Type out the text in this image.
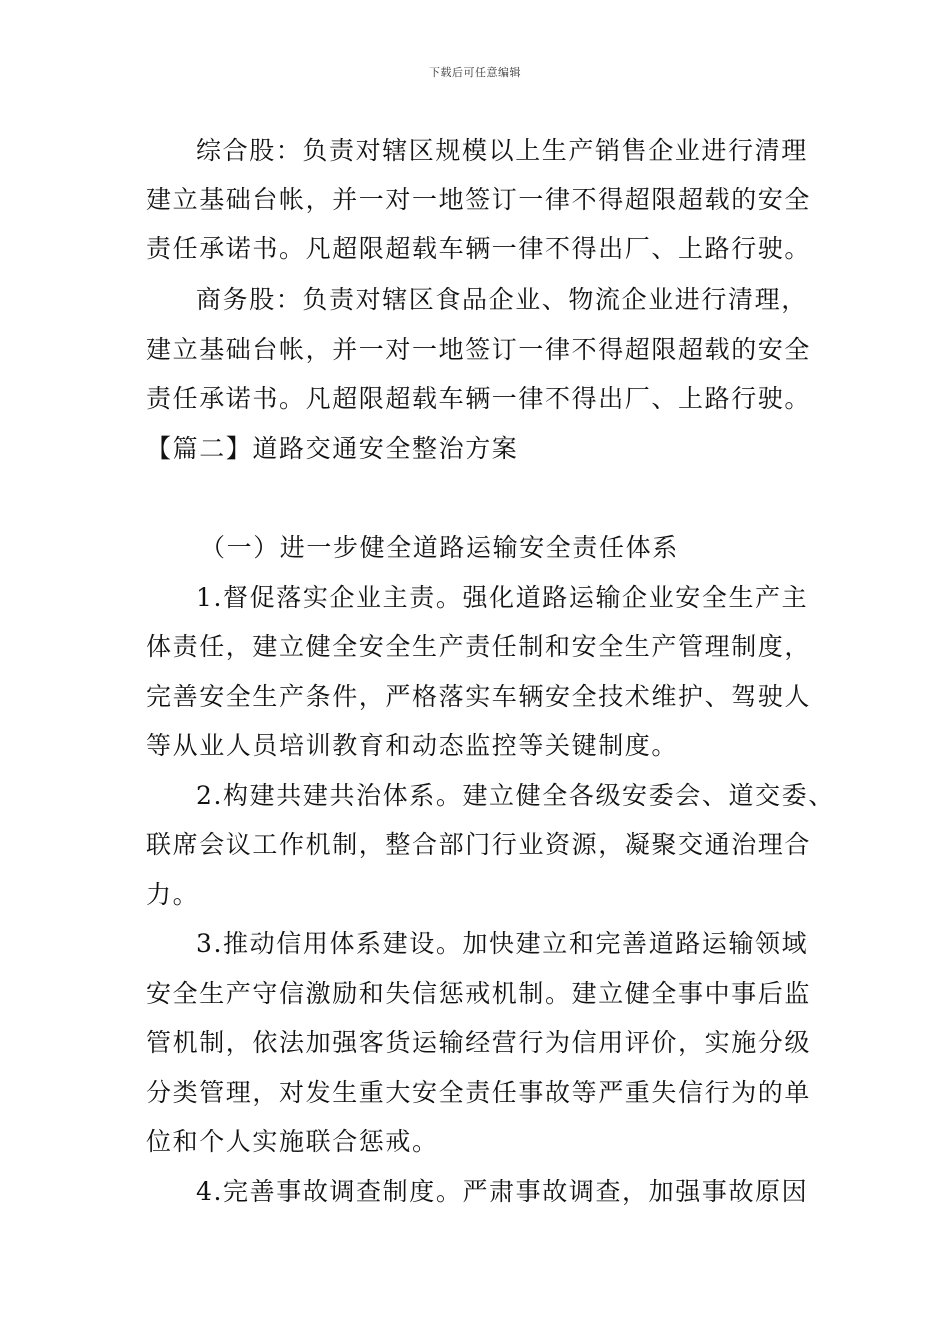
下载后可任意编辑
综合股：负责对辖区规模以上生产销售企业进行清理
建立基础台帐，并一对一地签订一律不得超限超载的安全
责任承诺书。凡超限超载车辆一律不得出厂、上路行驶。
商务股：负责对辖区食品企业、物流企业进行清理，
建立基础台帐，并一对一地签订一律不得超限超载的安全
责任承诺书。凡超限超载车辆一律不得出厂、上路行驶。
【篇二】道路交通安全整治方案
（一）进一步健全道路运输安全责任体系
1.督促落实企业主责。强化道路运输企业安全生产主
体责任，建立健全安全生产责任制和安全生产管理制度，
完善安全生产条件，严格落实车辆安全技术维护、驾驶人
等从业人员培训教育和动态监控等关键制度。
2.构建共建共治体系。建立健全各级安委会、道交委、
联席会议工作机制，整合部门行业资源，凝聚交通治理合
力。
3.推动信用体系建设。加快建立和完善道路运输领域
安全生产守信激励和失信惩戒机制。建立健全事中事后监
管机制，依法加强客货运输经营行为信用评价，实施分级
分类管理，对发生重大安全责任事故等严重失信行为的单
位和个人实施联合惩戒。
4.完善事故调查制度。严肃事故调查，加强事故原因
